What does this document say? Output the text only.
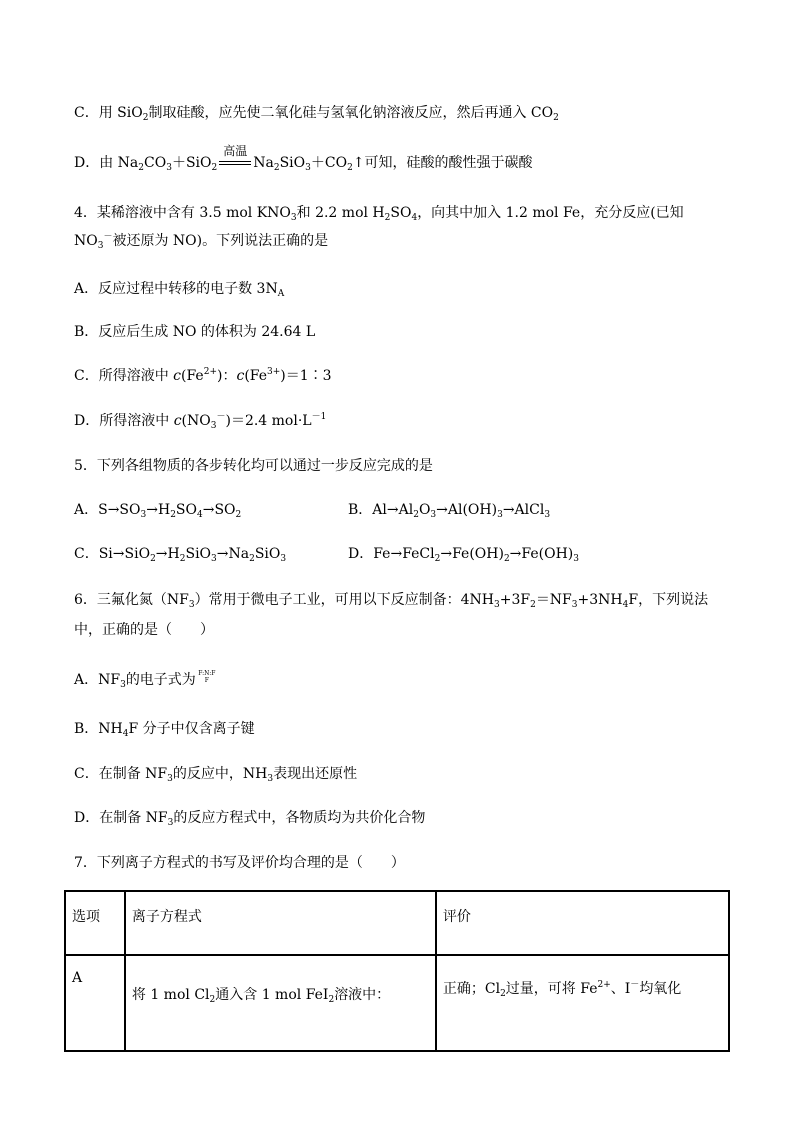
C．用 SiO$_2$制取硅酸，应先使二氧化硅与氢氧化钠溶液反应，然后再通入 $CO_2$
D．由 $Na_2CO_3+SiO_2$
高温
$Na_2SiO_3+CO_2↑$可知，硅酸的酸性强于碳酸
4．某稀溶液中含有 3.5 mol $KNO_3$和 2.2 mol $H_2SO_4$，向其中加入 1.2 mol Fe，充分反应(已知
$NO_3^-$被还原为 NO)。下列说法正确的是
A．反应过程中转移的电子数 $3N_A$
B．反应后生成 NO 的体积为 24.64 L
C．所得溶液中 $c(Fe^{2+})$：$c(Fe^{3+})=1∶3$
D．所得溶液中 $c(NO_3^-)=2.4$ $mol\cdot L^{-1}$
5．下列各组物质的各步转化均可以通过一步反应完成的是
A．$S\to SO_3\to H_2SO_4\to SO_2$	B．$Al\to Al_2O_3\to Al(OH)_3\to AlCl_3$
C．$Si\to SiO_2\to H_2SiO_3\to Na_2SiO_3$	D．$Fe\to FeCl_2\to Fe(OH)_2\to Fe(OH)_3$
6．三氟化氮$(NF_3)$常用于微电子工业，可用以下反应制备：$4NH_3+3F_2=NF_3+3NH_4F$，下列说法
中，正确的是（　　）
A．$NF_3$的电子式为 F:N:F
F
B．$NH_4F$ 分子中仅含离子键
C．在制备 $NF_3$的反应中，$NH_3$表现出还原性
D．在制备 $NF_3$的反应方程式中，各物质均为共价化合物
7．下列离子方程式的书写及评价均合理的是（　　）
选项	离子方程式	评价
A	将 1 mol $Cl_2$通入含 1 mol FeI$_2$溶液中：	正确；$Cl_2$过量，可将 $Fe^{2+}$、I－均氧化
